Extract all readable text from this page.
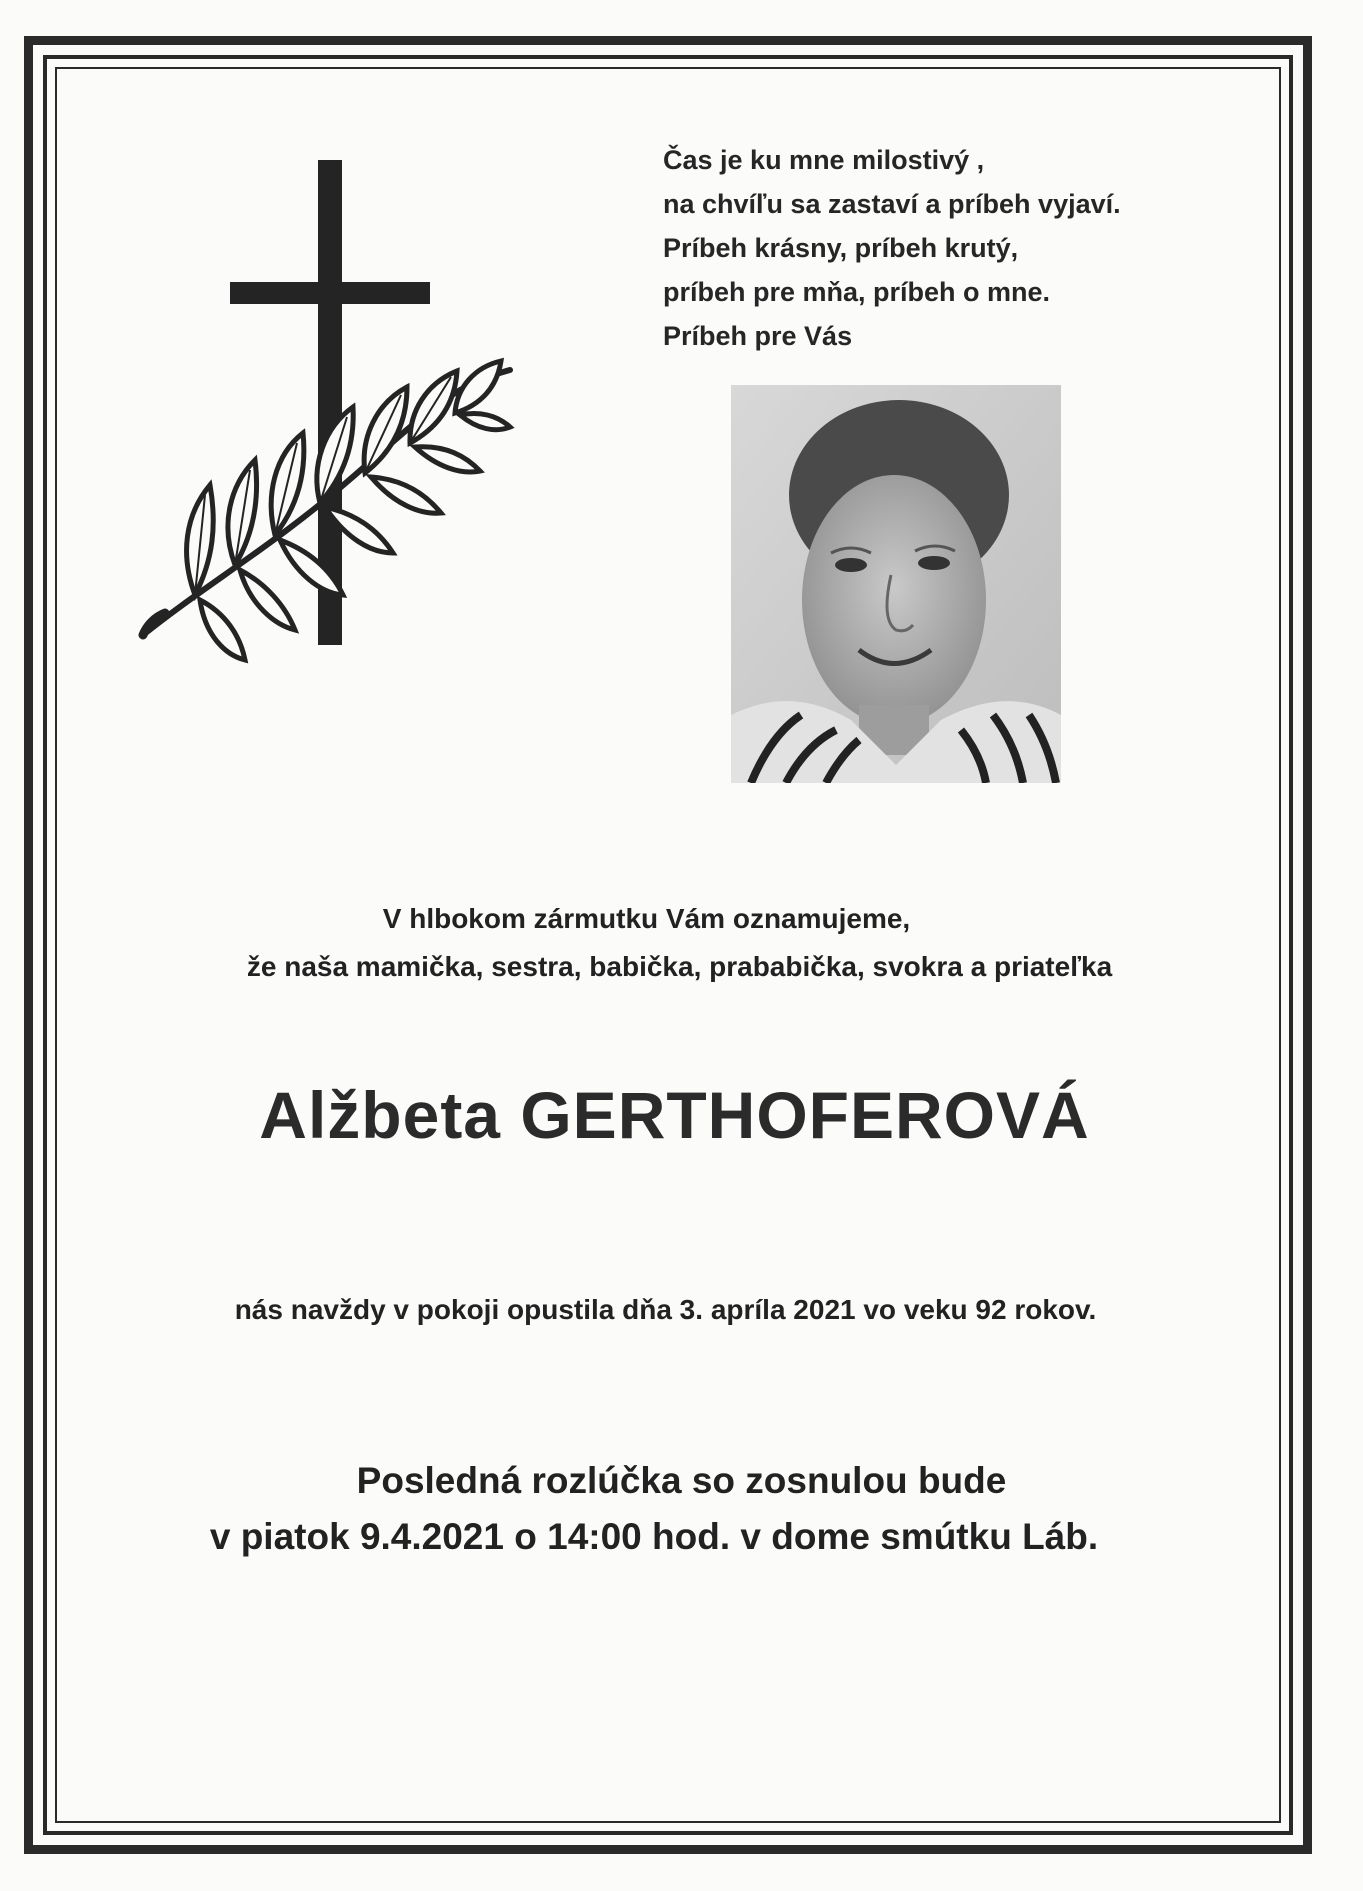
Čas je ku mne milostivý ,
na chvíľu sa zastaví a príbeh vyjaví.
Príbeh krásny, príbeh krutý,
príbeh pre mňa, príbeh o mne.
Príbeh pre Vás
V hlbokom zármutku Vám oznamujeme,
že naša mamička, sestra, babička, prababička, svokra a priateľka
Alžbeta GERTHOFEROVÁ
nás navždy v pokoji opustila dňa 3. apríla 2021 vo veku 92 rokov.
Posledná rozlúčka so zosnulou bude
v piatok 9.4.2021 o 14:00 hod. v dome smútku Láb.
